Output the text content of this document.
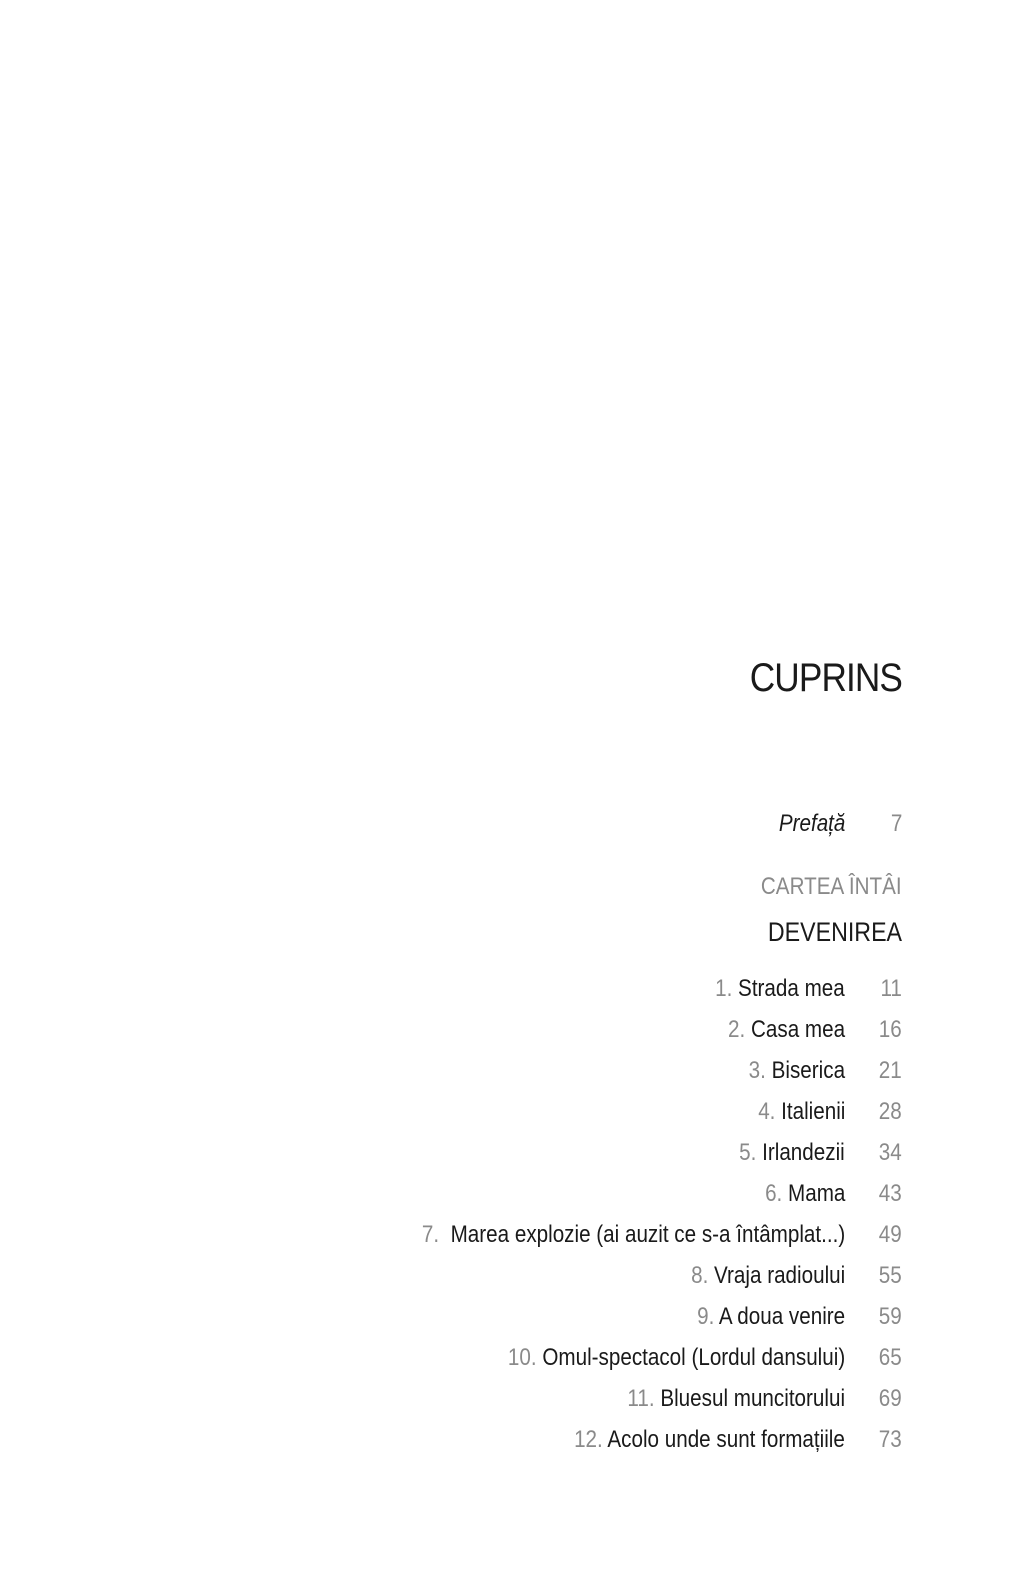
CUPRINS
Prefață 7
CARTEA ÎNTÂI
DEVENIREA
1. Strada mea 11
2. Casa mea 16
3. Biserica 21
4. Italienii 28
5. Irlandezii 34
6. Mama 43
7. Marea explozie (ai auzit ce s-a întâmplat...) 49
8. Vraja radioului 55
9. A doua venire 59
10. Omul-spectacol (Lordul dansului) 65
11. Bluesul muncitorului 69
12. Acolo unde sunt formațiile 73
